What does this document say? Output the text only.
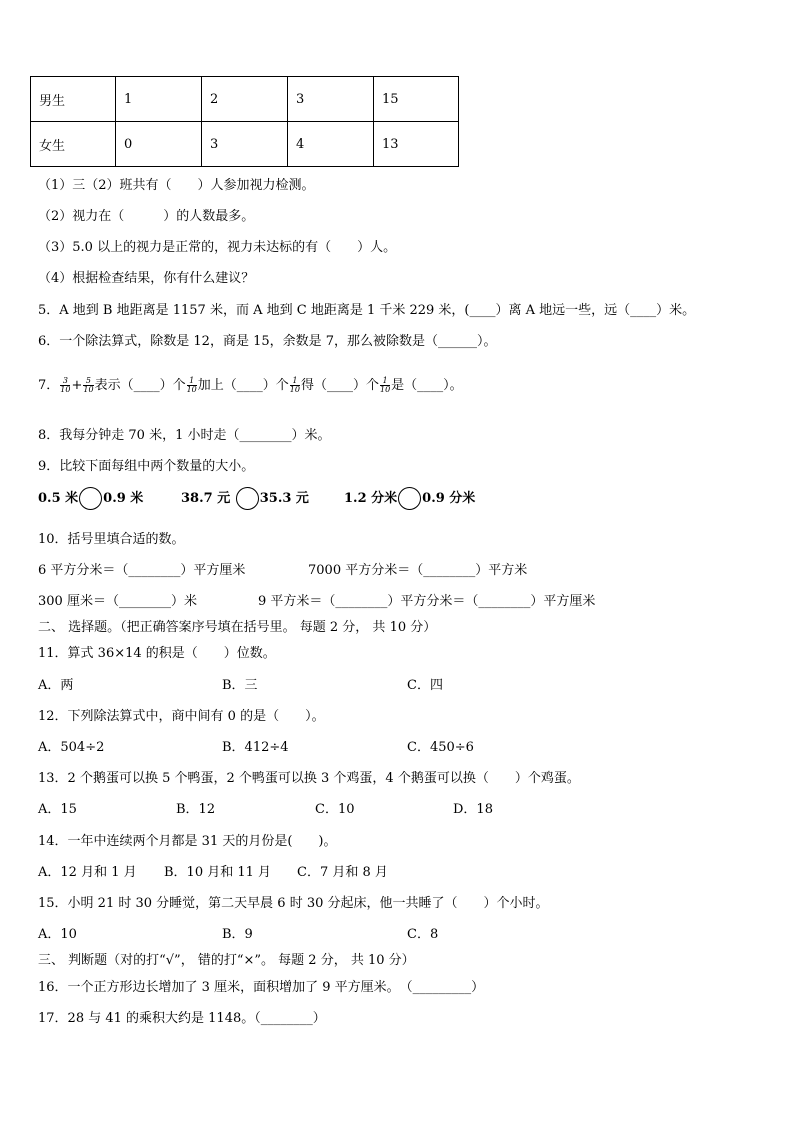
男生	1	2	3	15
女生	0	3	4	13
（1）三（2）班共有（　　）人参加视力检测。
（2）视力在（　　　）的人数最多。
（3）5.0 以上的视力是正常的，视力未达标的有（　　）人。
（4）根据检查结果，你有什么建议？
5．A 地到 B 地距离是 1157 米，而 A 地到 C 地距离是 1 千米 229 米，(____）离 A 地远一些，远（____）米。
6．一个除法算式，除数是 12，商是 15，余数是 7，那么被除数是（______）。
7． $\frac{3}{10} + \frac{5}{10}$ 表示（____）个 $\frac{1}{10}$ 加上（____）个 $\frac{1}{10}$ 得（____）个 $\frac{1}{10}$ 是（____）。
8．我每分钟走 70 米，1 小时走（________）米。
9．比较下面每组中两个数量的大小。
0.5 米 0.9 米	38.7 元 35.3 元	1.2 分米 0.9 分米
10．括号里填合适的数。
6 平方分米＝（________）平方厘米	7000 平方分米＝（________）平方米
300 厘米＝（________）米	9 平方米＝（________）平方分米＝（________）平方厘米
二、 选择题。（把正确答案序号填在括号里。 每题 2 分， 共 10 分）
11．算式 36×14 的积是（　　）位数。
A．两	B．三	C．四
12．下列除法算式中，商中间有 0 的是（　　）。
A．504÷2	B．412÷4	C．450÷6
13．2 个鹅蛋可以换 5 个鸭蛋，2 个鸭蛋可以换 3 个鸡蛋，4 个鹅蛋可以换（　　）个鸡蛋。
A．15	B．12	C．10	D．18
14．一年中连续两个月都是 31 天的月份是(　　)。
A．12 月和 1 月 B．10 月和 11 月 C．7 月和 8 月
15．小明 21 时 30 分睡觉，第二天早晨 6 时 30 分起床，他一共睡了（　　）个小时。
A．10	B．9	C．8
三、 判断题（对的打“√”， 错的打“×”。 每题 2 分， 共 10 分）
16．一个正方形边长增加了 3 厘米，面积增加了 9 平方厘米。　（_________）
17．28 与 41 的乘积大约是 1148。（________）
